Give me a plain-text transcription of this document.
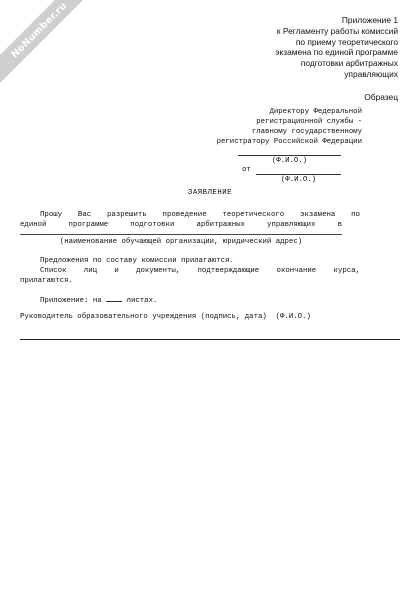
NoNumber.ru	Приложение 1
к Регламенту работы комиссий
по приему теоретического
экзамена по единой программе
подготовки арбитражных
управляющих
Образец
Директору Федеральной
регистрационной службы -
главному государственному
регистратору Российской Федерации
(Ф.И.О.)
от
(Ф.И.О.)
ЗАЯВЛЕНИЕ
Прошу Вас разрешить проведение теоретического экзамена по
единой	программе	подготовки	арбитражных	управляющих	в
(наименование обучающей организации, юридический адрес)
Предложения по составу комиссии прилагаются.
Список лиц и документы, подтверждающие окончание курса,
прилагаются.
Приложение: на	листах.
Руководитель образовательного учреждения (подпись, дата)  (Ф.И.О.)
